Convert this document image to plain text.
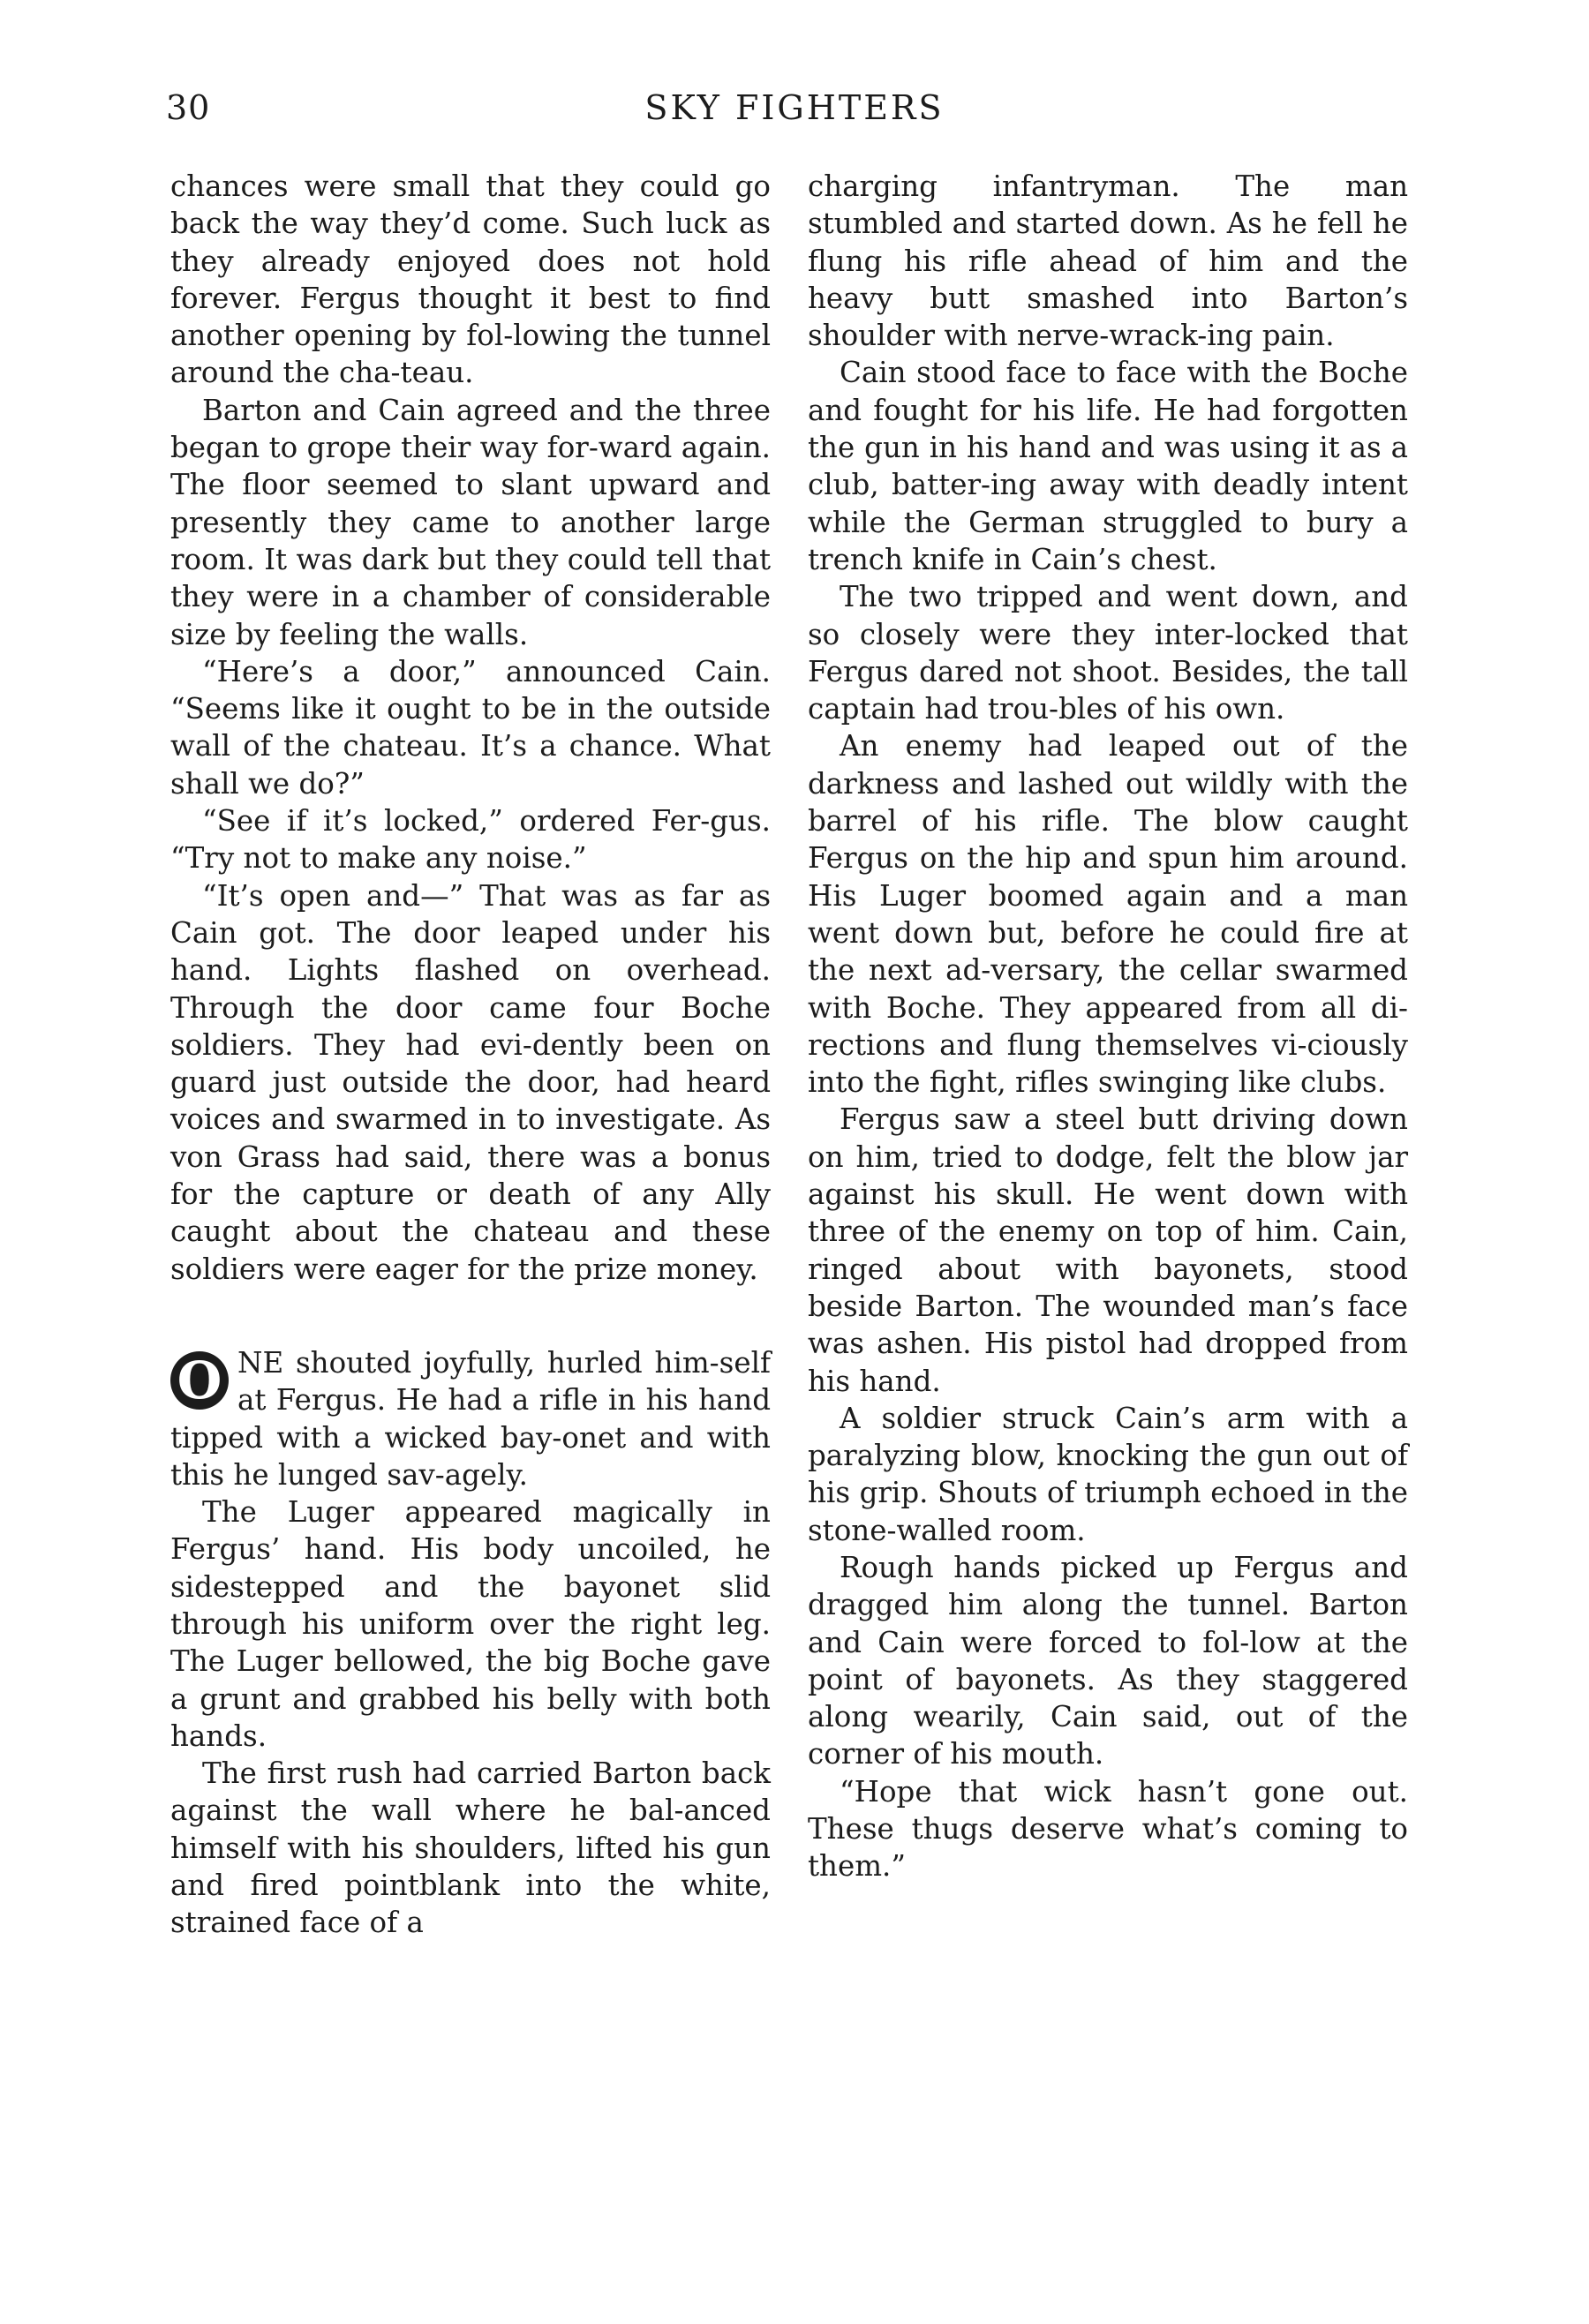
30	SKY FIGHTERS

chances were small that they could go back the way they’d come. Such luck as they already enjoyed does not hold forever. Fergus thought it best to find another opening by fol-lowing the tunnel around the cha-teau.

Barton and Cain agreed and the three began to grope their way for-ward again. The floor seemed to slant upward and presently they came to another large room. It was dark but they could tell that they were in a chamber of considerable size by feeling the walls.

“Here’s a door,” announced Cain. “Seems like it ought to be in the outside wall of the chateau. It’s a chance. What shall we do?”

“See if it’s locked,” ordered Fer-gus. “Try not to make any noise.”

“It’s open and—” That was as far as Cain got. The door leaped under his hand. Lights flashed on overhead. Through the door came four Boche soldiers. They had evi-dently been on guard just outside the door, had heard voices and swarmed in to investigate. As von Grass had said, there was a bonus for the capture or death of any Ally caught about the chateau and these soldiers were eager for the prize money.

O NE shouted joyfully, hurled him-self at Fergus. He had a rifle in his hand tipped with a wicked bay-onet and with this he lunged sav-agely.

The Luger appeared magically in Fergus’ hand. His body uncoiled, he sidestepped and the bayonet slid through his uniform over the right leg. The Luger bellowed, the big Boche gave a grunt and grabbed his belly with both hands.

The first rush had carried Barton back against the wall where he bal-anced himself with his shoulders, lifted his gun and fired pointblank into the white, strained face of a

charging infantryman. The man stumbled and started down. As he fell he flung his rifle ahead of him and the heavy butt smashed into Barton’s shoulder with nerve-wrack-ing pain.

Cain stood face to face with the Boche and fought for his life. He had forgotten the gun in his hand and was using it as a club, batter-ing away with deadly intent while the German struggled to bury a trench knife in Cain’s chest.

The two tripped and went down, and so closely were they inter-locked that Fergus dared not shoot. Besides, the tall captain had trou-bles of his own.

An enemy had leaped out of the darkness and lashed out wildly with the barrel of his rifle. The blow caught Fergus on the hip and spun him around. His Luger boomed again and a man went down but, before he could fire at the next ad-versary, the cellar swarmed with Boche. They appeared from all di-rections and flung themselves vi-ciously into the fight, rifles swinging like clubs.

Fergus saw a steel butt driving down on him, tried to dodge, felt the blow jar against his skull. He went down with three of the enemy on top of him. Cain, ringed about with bayonets, stood beside Barton. The wounded man’s face was ashen. His pistol had dropped from his hand.

A soldier struck Cain’s arm with a paralyzing blow, knocking the gun out of his grip. Shouts of triumph echoed in the stone-walled room.

Rough hands picked up Fergus and dragged him along the tunnel. Barton and Cain were forced to fol-low at the point of bayonets. As they staggered along wearily, Cain said, out of the corner of his mouth.

“Hope that wick hasn’t gone out. These thugs deserve what’s coming to them.”
